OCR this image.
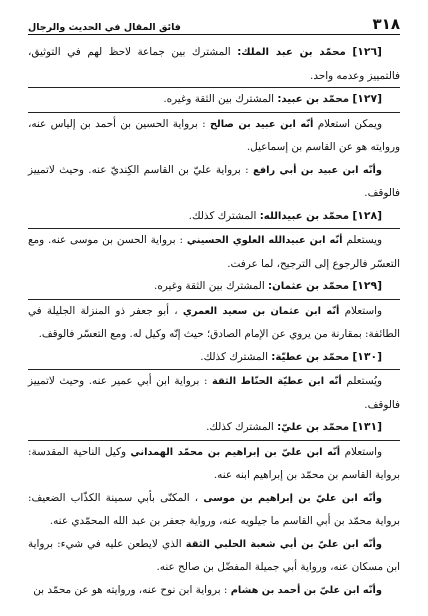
٣١٨
فائق المقال في الحديث والرجال

[١٢٦] محمّد بن عبد الملك: المشترك بين جماعة لاحظ لهم في التوثيق، فالتمييز وعدمه واحد.

[١٢٧] محمّد بن عبيد: المشترك بين الثقة وغيره.

ويمكن استعلام أنّه ابن عبيد بن صالح : برواية الحسين بن أحمد بن إلياس عنه، وروايته هو عن القاسم بن إسماعيل.

وأنّه ابن عبيد بن أبي رافع : برواية عليّ بن القاسم الكِنديّ عنه. وحيث لاتمييز فالوقف.

[١٢٨] محمّد بن عبيدالله: المشترك كذلك.

ويستعلم أنّه ابن عبيدالله العلوي الحسيني : برواية الحسن بن موسى عنه. ومع التعسّر فالرجوع إلى الترجيح، لما عرفت.

[١٢٩] محمّد بن عثمان: المشترك بين الثقة وغيره.

واستعلام أنّه ابن عثمان بن سعيد العمري ، أبو جعفر ذو المنزلة الجليلة في الطائفة: بمقارنة من يروي عن الإمام الصادق؛ حيث إنّه وكيل له. ومع التعسّر فالوقف.

[١٣٠] محمّد بن عطيّة: المشترك كذلك.

ويُستعلم أنّه ابن عطيّة الحنّاط الثقة : برواية ابن أبي عمير عنه. وحيث لاتمييز فالوقف.

[١٣١] محمّد بن عليّ: المشترك كذلك.

واستعلام أنّه ابن عليّ بن إبراهيم بن محمّد الهمداني وكيل الناحية المقدسة: برواية القاسم بن محمّد بن إبراهيم ابنه عنه.

وأنّه ابن عليّ بن إبراهيم بن موسى ، المكنّى بأبي سمينة الكذّاب الضعيف: برواية محمّد بن أبي القاسم ما جيلويه عنه، ورواية جعفر بن عبد الله المحمّدي عنه.

وأنّه ابن عليّ بن أبي شعبة الحلبي الثقة الذي لايطعن عليه في شيء: برواية ابن مسكان عنه، ورواية أبي جميلة المفضّل بن صالح عنه.

وأنّه ابن عليّ بن أحمد بن هشام : برواية ابن نوح عنه، وروايته هو عن محمّد بن
